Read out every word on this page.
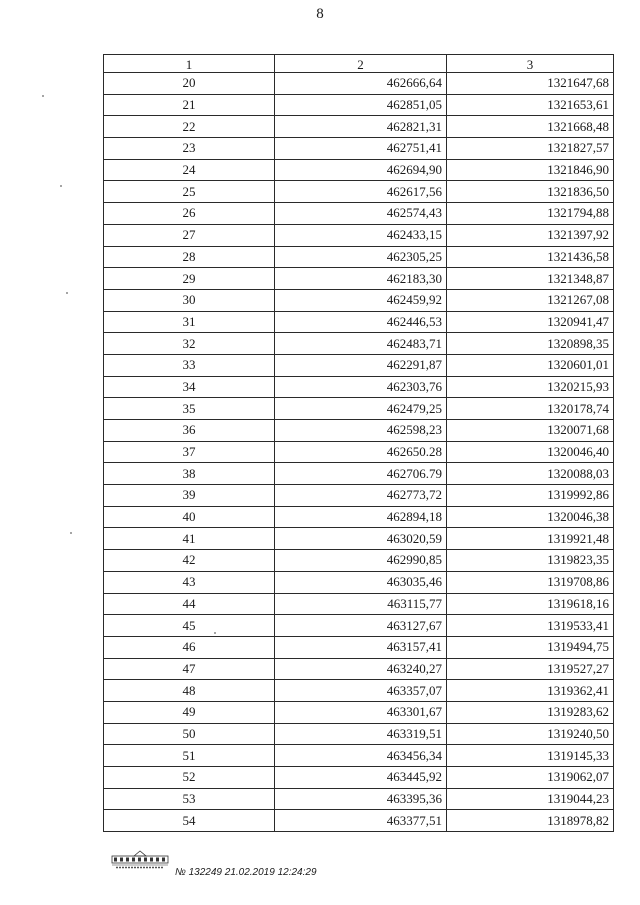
8
1	2	3
20	462666,64	1321647,68
21	462851,05	1321653,61
22	462821,31	1321668,48
23	462751,41	1321827,57
24	462694,90	1321846,90
25	462617,56	1321836,50
26	462574,43	1321794,88
27	462433,15	1321397,92
28	462305,25	1321436,58
29	462183,30	1321348,87
30	462459,92	1321267,08
31	462446,53	1320941,47
32	462483,71	1320898,35
33	462291,87	1320601,01
34	462303,76	1320215,93
35	462479,25	1320178,74
36	462598,23	1320071,68
37	462650.28	1320046,40
38	462706.79	1320088,03
39	462773,72	1319992,86
40	462894,18	1320046,38
41	463020,59	1319921,48
42	462990,85	1319823,35
43	463035,46	1319708,86
44	463115,77	1319618,16
45	463127,67	1319533,41
46	463157,41	1319494,75
47	463240,27	1319527,27
48	463357,07	1319362,41
49	463301,67	1319283,62
50	463319,51	1319240,50
51	463456,34	1319145,33
52	463445,92	1319062,07
53	463395,36	1319044,23
54	463377,51	1318978,82
№ 132249 21.02.2019 12:24:29
